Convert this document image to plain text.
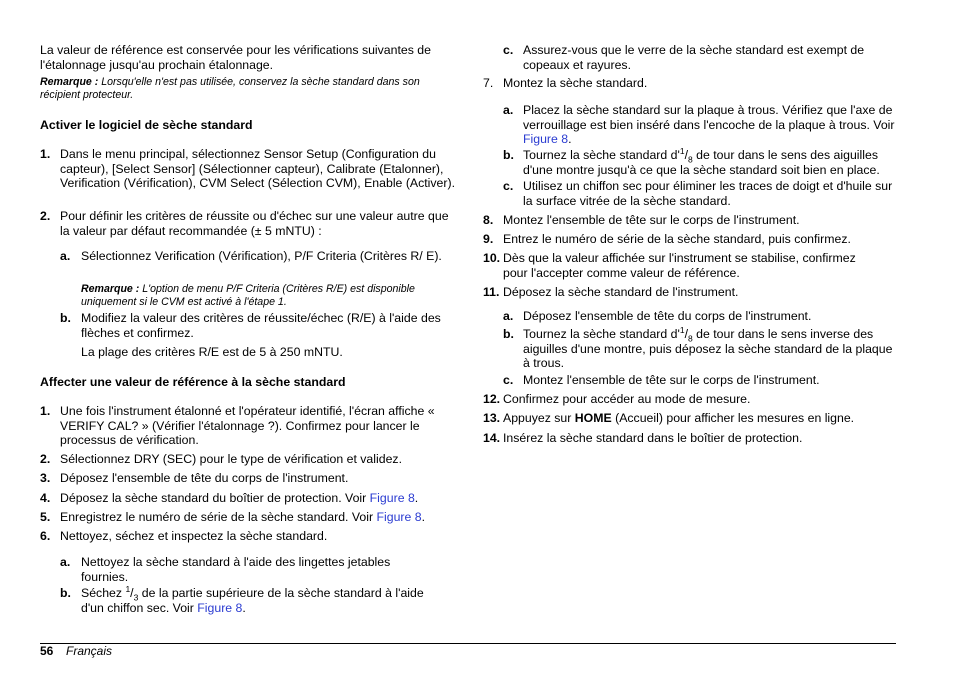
La valeur de référence est conservée pour les vérifications suivantes de l'étalonnage jusqu'au prochain étalonnage.
Remarque : Lorsqu'elle n'est pas utilisée, conservez la sèche standard dans son récipient protecteur.
Activer le logiciel de sèche standard
1. Dans le menu principal, sélectionnez Sensor Setup (Configuration du capteur), [Select Sensor] (Sélectionner capteur), Calibrate (Etalonner), Verification (Vérification), CVM Select (Sélection CVM), Enable (Activer).
2. Pour définir les critères de réussite ou d'échec sur une valeur autre que la valeur par défaut recommandée (± 5 mNTU) :
a. Sélectionnez Verification (Vérification), P/F Criteria (Critères R/ E).
Remarque : L'option de menu P/F Criteria (Critères R/E) est disponible uniquement si le CVM est activé à l'étape 1.
b. Modifiez la valeur des critères de réussite/échec (R/E) à l'aide des flèches et confirmez.
La plage des critères R/E est de 5 à 250 mNTU.
Affecter une valeur de référence à la sèche standard
1. Une fois l'instrument étalonné et l'opérateur identifié, l'écran affiche « VERIFY CAL? » (Vérifier l'étalonnage ?). Confirmez pour lancer le processus de vérification.
2. Sélectionnez DRY (SEC) pour le type de vérification et validez.
3. Déposez l'ensemble de tête du corps de l'instrument.
4. Déposez la sèche standard du boîtier de protection. Voir Figure 8.
5. Enregistrez le numéro de série de la sèche standard. Voir Figure 8.
6. Nettoyez, séchez et inspectez la sèche standard.
a. Nettoyez la sèche standard à l'aide des lingettes jetables fournies.
b. Séchez $^1/_3$ de la partie supérieure de la sèche standard à l'aide d'un chiffon sec. Voir Figure 8.
c. Assurez-vous que le verre de la sèche standard est exempt de copeaux et rayures.
7. Montez la sèche standard.
a. Placez la sèche standard sur la plaque à trous. Vérifiez que l'axe de verrouillage est bien inséré dans l'encoche de la plaque à trous. Voir Figure 8.
b. Tournez la sèche standard $d'^1/_8$ de tour dans le sens des aiguilles d'une montre jusqu'à ce que la sèche standard soit bien en place.
c. Utilisez un chiffon sec pour éliminer les traces de doigt et d'huile sur la surface vitrée de la sèche standard.
8. Montez l'ensemble de tête sur le corps de l'instrument.
9. Entrez le numéro de série de la sèche standard, puis confirmez.
10. Dès que la valeur affichée sur l'instrument se stabilise, confirmez pour l'accepter comme valeur de référence.
11. Déposez la sèche standard de l'instrument.
a. Déposez l'ensemble de tête du corps de l'instrument.
b. Tournez la sèche standard $d'^1/_8$ de tour dans le sens inverse des aiguilles d'une montre, puis déposez la sèche standard de la plaque à trous.
c. Montez l'ensemble de tête sur le corps de l'instrument.
12. Confirmez pour accéder au mode de mesure.
13. Appuyez sur HOME (Accueil) pour afficher les mesures en ligne.
14. Insérez la sèche standard dans le boîtier de protection.
56 Français
